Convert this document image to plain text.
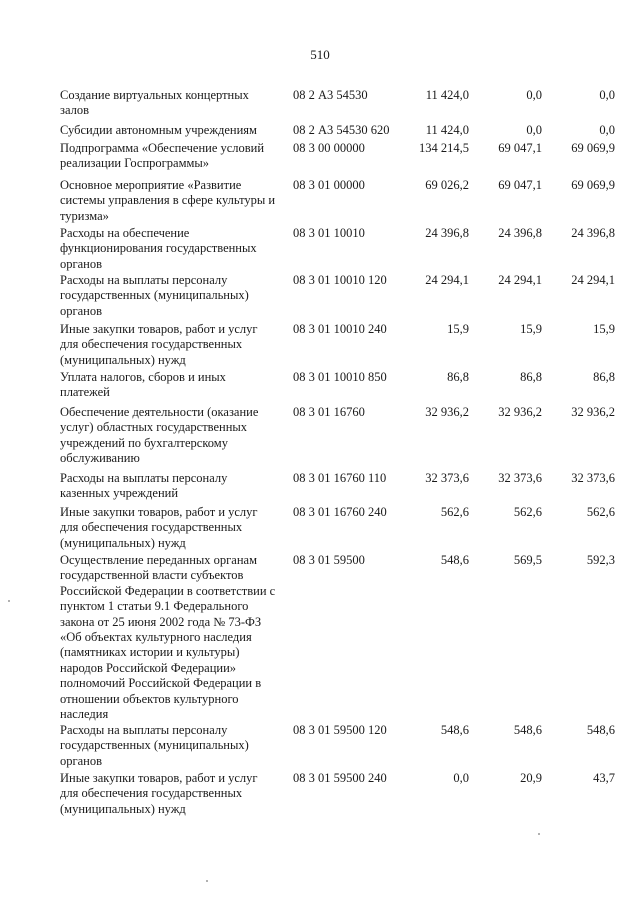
510
Создание виртуальных концертных
залов
08 2 А3 54530	11 424,0	0,0	0,0
Субсидии автономным учреждениям	08 2 А3 54530 620	11 424,0	0,0	0,0
Подпрограмма «Обеспечение условий
реализации Госпрограммы»
08 3 00 00000	134 214,5	69 047,1	69 069,9
Основное мероприятие «Развитие
системы управления в сфере культуры и
туризма»
08 3 01 00000	69 026,2	69 047,1	69 069,9
Расходы на обеспечение
функционирования государственных
органов
08 3 01 10010	24 396,8	24 396,8	24 396,8
Расходы на выплаты персоналу
государственных (муниципальных)
органов
08 3 01 10010 120	24 294,1	24 294,1	24 294,1
Иные закупки товаров, работ и услуг
для обеспечения государственных
(муниципальных) нужд
08 3 01 10010 240	15,9	15,9	15,9
Уплата налогов, сборов и иных
платежей
08 3 01 10010 850	86,8	86,8	86,8
Обеспечение деятельности (оказание
услуг) областных государственных
учреждений по бухгалтерскому
обслуживанию
08 3 01 16760	32 936,2	32 936,2	32 936,2
Расходы на выплаты персоналу
казенных учреждений
08 3 01 16760 110	32 373,6	32 373,6	32 373,6
Иные закупки товаров, работ и услуг
для обеспечения государственных
(муниципальных) нужд
08 3 01 16760 240	562,6	562,6	562,6
Осуществление переданных органам
государственной власти субъектов
Российской Федерации в соответствии с
пунктом 1 статьи 9.1 Федерального
закона от 25 июня 2002 года № 73-ФЗ
«Об объектах культурного наследия
(памятниках истории и культуры)
народов Российской Федерации»
полномочий Российской Федерации в
отношении объектов культурного
наследия
08 3 01 59500	548,6	569,5	592,3
Расходы на выплаты персоналу
государственных (муниципальных)
органов
08 3 01 59500 120	548,6	548,6	548,6
Иные закупки товаров, работ и услуг
для обеспечения государственных
(муниципальных) нужд
08 3 01 59500 240	0,0	20,9	43,7
